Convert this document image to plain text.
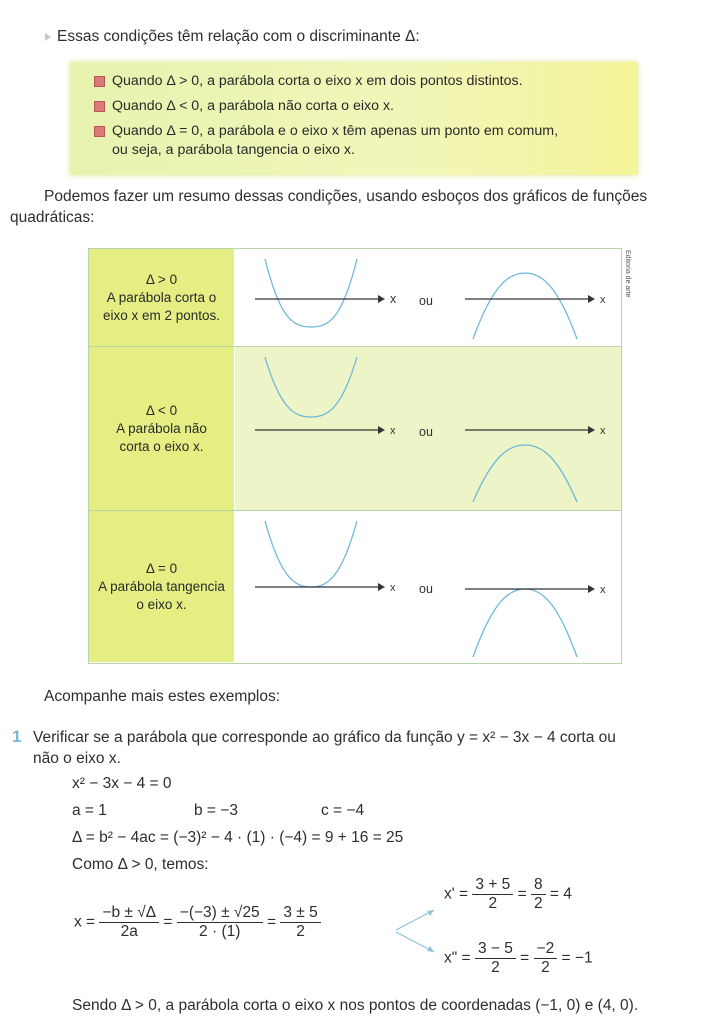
Essas condições têm relação com o discriminante Δ:
Quando Δ > 0, a parábola corta o eixo x em dois pontos distintos.
Quando Δ < 0, a parábola não corta o eixo x.
Quando Δ = 0, a parábola e o eixo x têm apenas um ponto em comum,
ou seja, a parábola tangencia o eixo x.
Podemos fazer um resumo dessas condições, usando esboços dos gráficos de funções
quadráticas:
Editoria de arte
Δ > 0
A parábola corta o
eixo x em 2 pontos.
x ou	x
Δ < 0
A parábola não
corta o eixo x.
x ou	x
Δ = 0
A parábola tangencia
o eixo x.
x ou	x
Acompanhe mais estes exemplos:
1 Verificar se a parábola que corresponde ao gráfico da função y = x² − 3x − 4 corta ou
não o eixo x.
x² − 3x − 4 = 0
a = 1	b = −3	c = −4
Δ = b² − 4ac = (−3)² − 4 · (1) · (−4) = 9 + 16 = 25
Como Δ > 0, temos:
$x = \frac{-b \pm √\Delta}{2a} = \frac{-(-3) \pm √25}{2 \cdot (1)} = \frac{3 \pm 5}{2}$
$x' = \frac{3 + 5}{2} = \frac{8}{2} = 4$
x" = $\frac{3 - 5}{2} = \frac{-2}{2} = -1$
Sendo Δ > 0, a parábola corta o eixo x nos pontos de coordenadas (−1, 0) e (4, 0).
